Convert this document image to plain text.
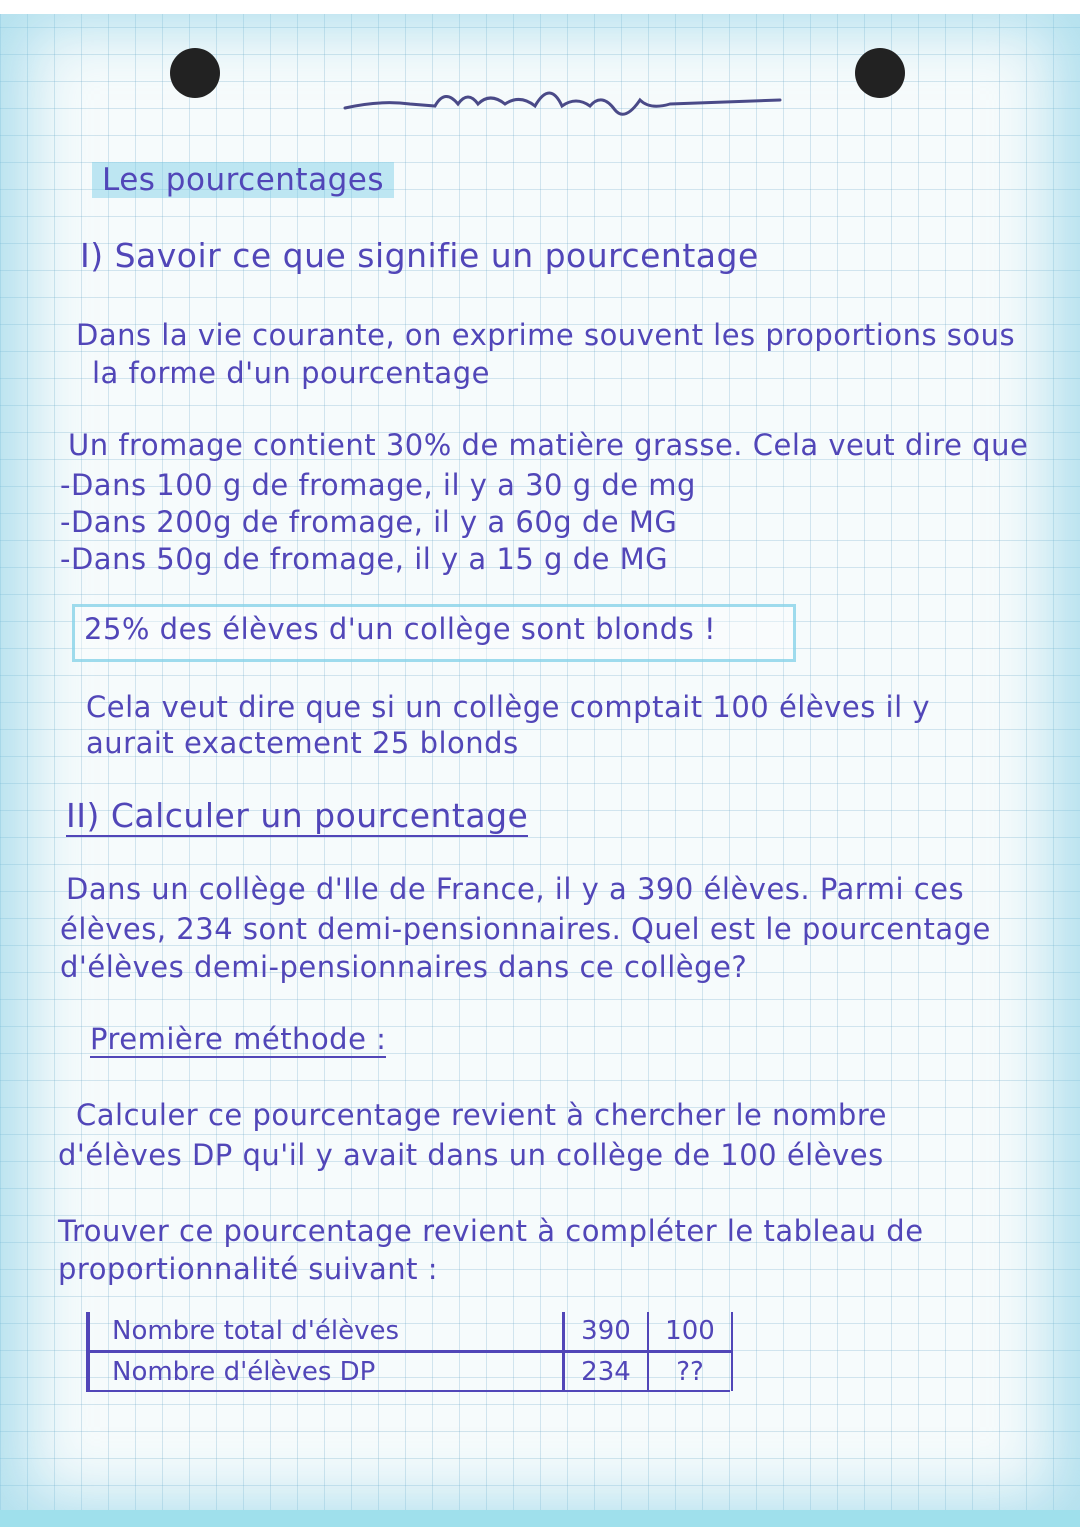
Les pourcentages
I) Savoir ce que signifie un pourcentage
Dans la vie courante, on exprime souvent les proportions sous
la forme d'un pourcentage
Un fromage contient 30% de matière grasse. Cela veut dire que
-Dans 100 g de fromage, il y a 30 g de mg
-Dans 200g de fromage, il y a 60g de MG
-Dans 50g de fromage, il y a 15 g de MG
25% des élèves d'un collège sont blonds !
Cela veut dire que si un collège comptait 100 élèves il y
aurait exactement 25 blonds
II) Calculer un pourcentage
Dans un collège d'Ile de France, il y a 390 élèves. Parmi ces
élèves, 234 sont demi-pensionnaires. Quel est le pourcentage
d'élèves demi-pensionnaires dans ce collège?
Première méthode :
Calculer ce pourcentage revient à chercher le nombre
d'élèves DP qu'il y avait dans un collège de 100 élèves
Trouver ce pourcentage revient à compléter le tableau de
proportionnalité suivant :
Nombre total d'élèves	390	100
Nombre d'élèves DP	234	??
